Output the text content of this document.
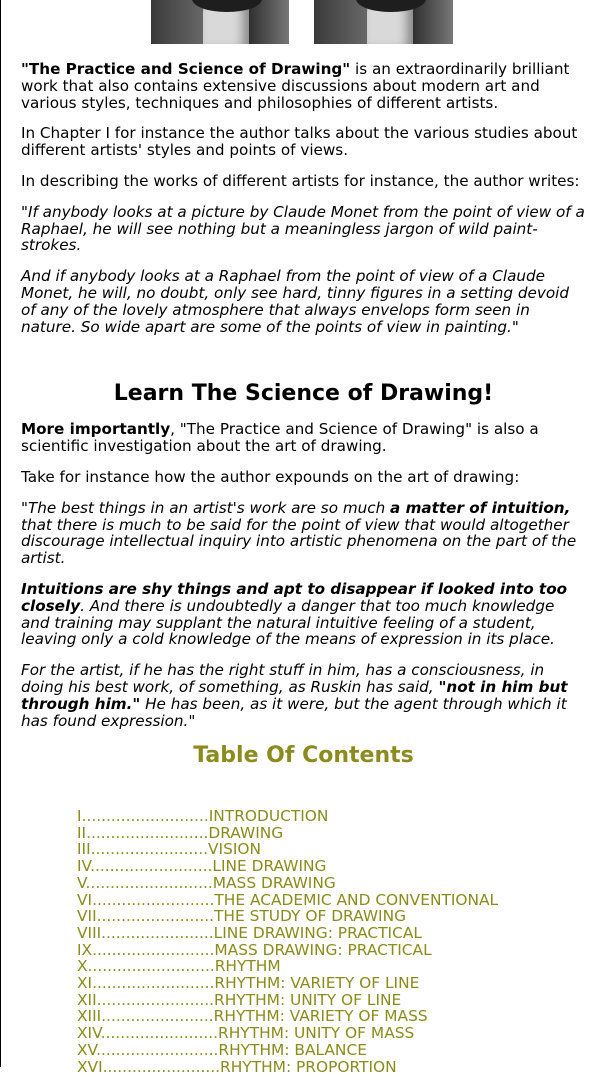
"The Practice and Science of Drawing" is an extraordinarily brilliant work that also contains extensive discussions about modern art and various styles, techniques and philosophies of different artists.

In Chapter I for instance the author talks about the various studies about different artists' styles and points of views.

In describing the works of different artists for instance, the author writes:

"If anybody looks at a picture by Claude Monet from the point of view of a Raphael, he will see nothing but a meaningless jargon of wild paint-strokes.

And if anybody looks at a Raphael from the point of view of a Claude Monet, he will, no doubt, only see hard, tinny figures in a setting devoid of any of the lovely atmosphere that always envelops form seen in nature. So wide apart are some of the points of view in painting."

Learn The Science of Drawing!

More importantly, "The Practice and Science of Drawing" is also a scientific investigation about the art of drawing.

Take for instance how the author expounds on the art of drawing:

"The best things in an artist's work are so much a matter of intuition, that there is much to be said for the point of view that would altogether discourage intellectual inquiry into artistic phenomena on the part of the artist.

Intuitions are shy things and apt to disappear if looked into too closely. And there is undoubtedly a danger that too much knowledge and training may supplant the natural intuitive feeling of a student, leaving only a cold knowledge of the means of expression in its place.

For the artist, if he has the right stuff in him, has a consciousness, in doing his best work, of something, as Ruskin has said, "not in him but through him." He has been, as it were, but the agent through which it has found expression."

Table Of Contents
I..........................INTRODUCTION
II.........................DRAWING
III........................VISION
IV.........................LINE DRAWING
V..........................MASS DRAWING
VI.........................THE ACADEMIC AND CONVENTIONAL
VII........................THE STUDY OF DRAWING
VIII.......................LINE DRAWING: PRACTICAL
IX.........................MASS DRAWING: PRACTICAL
X..........................RHYTHM
XI.........................RHYTHM: VARIETY OF LINE
XII........................RHYTHM: UNITY OF LINE
XIII.......................RHYTHM: VARIETY OF MASS
XIV........................RHYTHM: UNITY OF MASS
XV.........................RHYTHM: BALANCE
XVI........................RHYTHM: PROPORTION
